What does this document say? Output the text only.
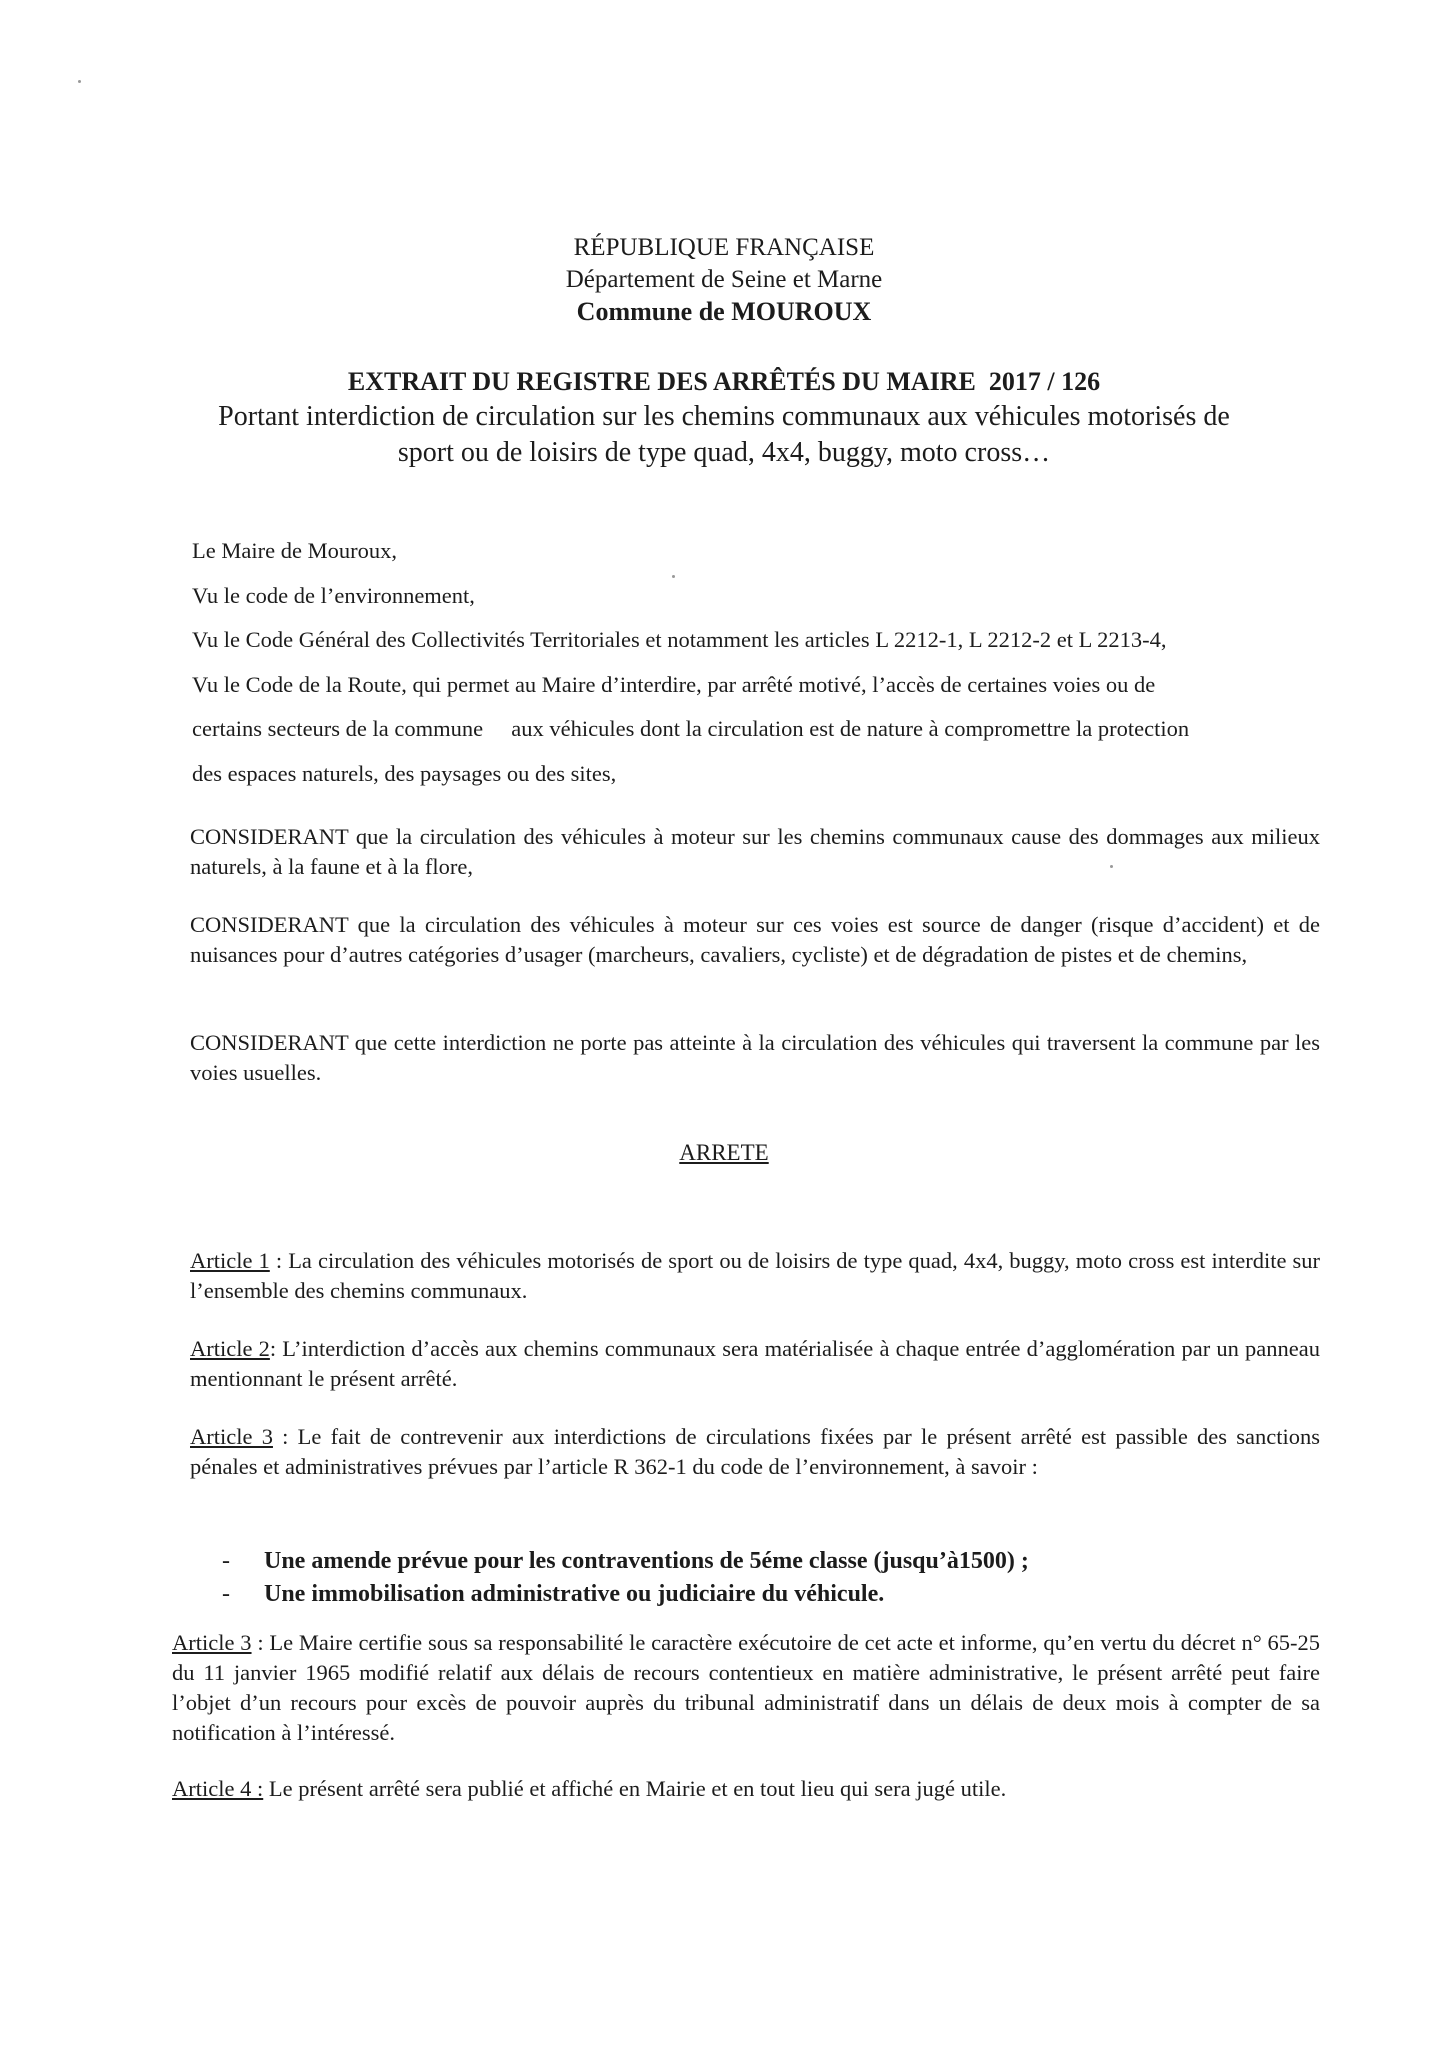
RÉPUBLIQUE FRANÇAISE
Département de Seine et Marne
Commune de MOUROUX
EXTRAIT DU REGISTRE DES ARRÊTÉS DU MAIRE  2017 / 126
Portant interdiction de circulation sur les chemins communaux aux véhicules motorisés de
sport ou de loisirs de type quad, 4x4, buggy, moto cross…
Le Maire de Mouroux,
Vu le code de l’environnement,
Vu le Code Général des Collectivités Territoriales et notamment les articles L 2212-1, L 2212-2 et L 2213-4,
Vu le Code de la Route, qui permet au Maire d’interdire, par arrêté motivé, l’accès de certaines voies ou de
certains secteurs de la commune     aux véhicules dont la circulation est de nature à compromettre la protection
des espaces naturels, des paysages ou des sites,
CONSIDERANT que la circulation des véhicules à moteur sur les chemins communaux cause des dommages aux milieux naturels, à la faune et à la flore,
CONSIDERANT que la circulation des véhicules à moteur sur ces voies est source de danger (risque d’accident) et de nuisances pour d’autres catégories d’usager (marcheurs, cavaliers, cycliste) et de dégradation de pistes et de chemins,
CONSIDERANT que cette interdiction ne porte pas atteinte à la circulation des véhicules qui traversent la commune par les voies usuelles.
ARRETE
Article 1 : La circulation des véhicules motorisés de sport ou de loisirs de type quad, 4x4, buggy, moto cross est interdite sur l’ensemble des chemins communaux.
Article 2: L’interdiction d’accès aux chemins communaux sera matérialisée à chaque entrée d’agglomération par un panneau mentionnant le présent arrêté.
Article 3 : Le fait de contrevenir aux interdictions de circulations fixées par le présent arrêté est passible des sanctions pénales et administratives prévues par l’article R 362-1 du code de l’environnement, à savoir :
- Une amende prévue pour les contraventions de 5éme classe (jusqu’à1500) ;
- Une immobilisation administrative ou judiciaire du véhicule.
Article 3 : Le Maire certifie sous sa responsabilité le caractère exécutoire de cet acte et informe, qu’en vertu du décret n° 65-25 du 11 janvier 1965 modifié relatif aux délais de recours contentieux en matière administrative, le présent arrêté peut faire l’objet d’un recours pour excès de pouvoir auprès du tribunal administratif dans un délais de deux mois à compter de sa notification à l’intéressé.
Article 4 : Le présent arrêté sera publié et affiché en Mairie et en tout lieu qui sera jugé utile.
